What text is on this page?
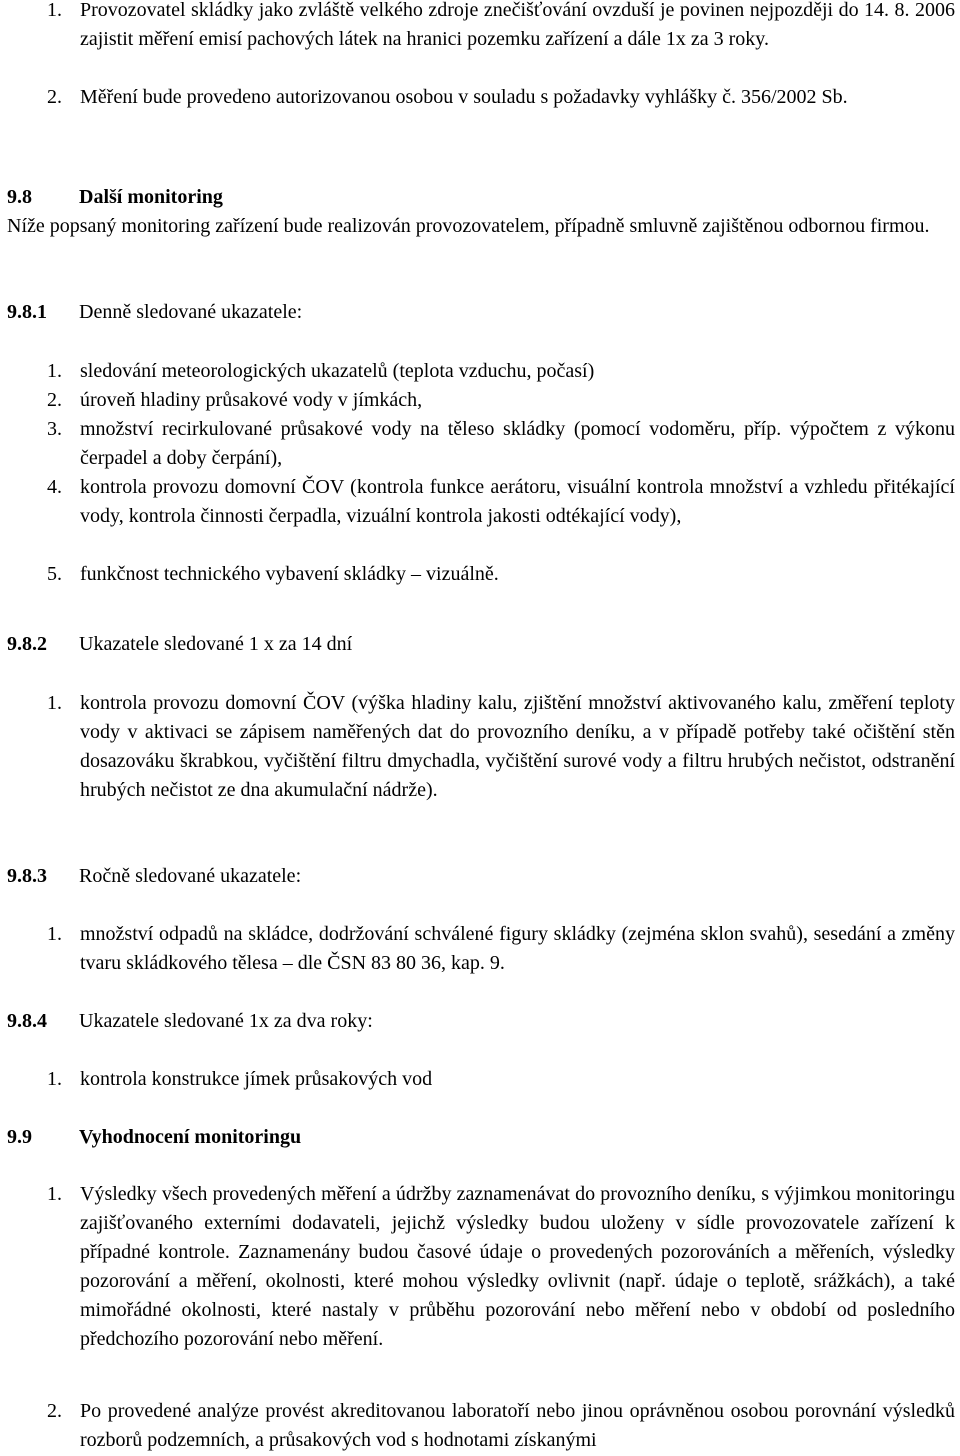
1. Provozovatel skládky jako zvláště velkého zdroje znečišťování ovzduší je povinen nejpozději do 14. 8. 2006 zajistit měření emisí pachových látek na hranici pozemku zařízení a dále 1x za 3 roky.
2. Měření bude provedeno autorizovanou osobou v souladu s požadavky vyhlášky č. 356/2002 Sb.
9.8 Další monitoring
Níže popsaný monitoring zařízení bude realizován provozovatelem, případně smluvně zajištěnou odbornou firmou.
9.8.1 Denně sledované ukazatele:
1. sledování meteorologických ukazatelů (teplota vzduchu, počasí)
2. úroveň hladiny průsakové vody v jímkách,
3. množství recirkulované průsakové vody na těleso skládky (pomocí vodoměru, příp. výpočtem z výkonu čerpadel a doby čerpání),
4. kontrola provozu domovní ČOV (kontrola funkce aerátoru, visuální kontrola množství a vzhledu přitékající vody, kontrola činnosti čerpadla, vizuální kontrola jakosti odtékající vody),
5. funkčnost technického vybavení skládky – vizuálně.
9.8.2 Ukazatele sledované 1 x za 14 dní
1. kontrola provozu domovní ČOV (výška hladiny kalu, zjištění množství aktivovaného kalu, změření teploty vody v aktivaci se zápisem naměřených dat do provozního deníku, a v případě potřeby také očištění stěn dosazováku škrabkou, vyčištění filtru dmychadla, vyčištění surové vody a filtru hrubých nečistot, odstranění hrubých nečistot ze dna akumulační nádrže).
9.8.3 Ročně sledované ukazatele:
1. množství odpadů na skládce, dodržování schválené figury skládky (zejména sklon svahů), sesedání a změny tvaru skládkového tělesa – dle ČSN 83 80 36, kap. 9.
9.8.4 Ukazatele sledované 1x za dva roky:
1. kontrola konstrukce jímek průsakových vod
9.9 Vyhodnocení monitoringu
1. Výsledky všech provedených měření a údržby zaznamenávat do provozního deníku, s výjimkou monitoringu zajišťovaného externími dodavateli, jejichž výsledky budou uloženy v sídle provozovatele zařízení k případné kontrole. Zaznamenány budou časové údaje o provedených pozorováních a měřeních, výsledky pozorování a měření, okolnosti, které mohou výsledky ovlivnit (např. údaje o teplotě, srážkách), a také mimořádné okolnosti, které nastaly v průběhu pozorování nebo měření nebo v období od posledního předchozího pozorování nebo měření.
2. Po provedené analýze provést akreditovanou laboratoří nebo jinou oprávněnou osobou porovnání výsledků rozborů podzemních, a průsakových vod s hodnotami získanými
